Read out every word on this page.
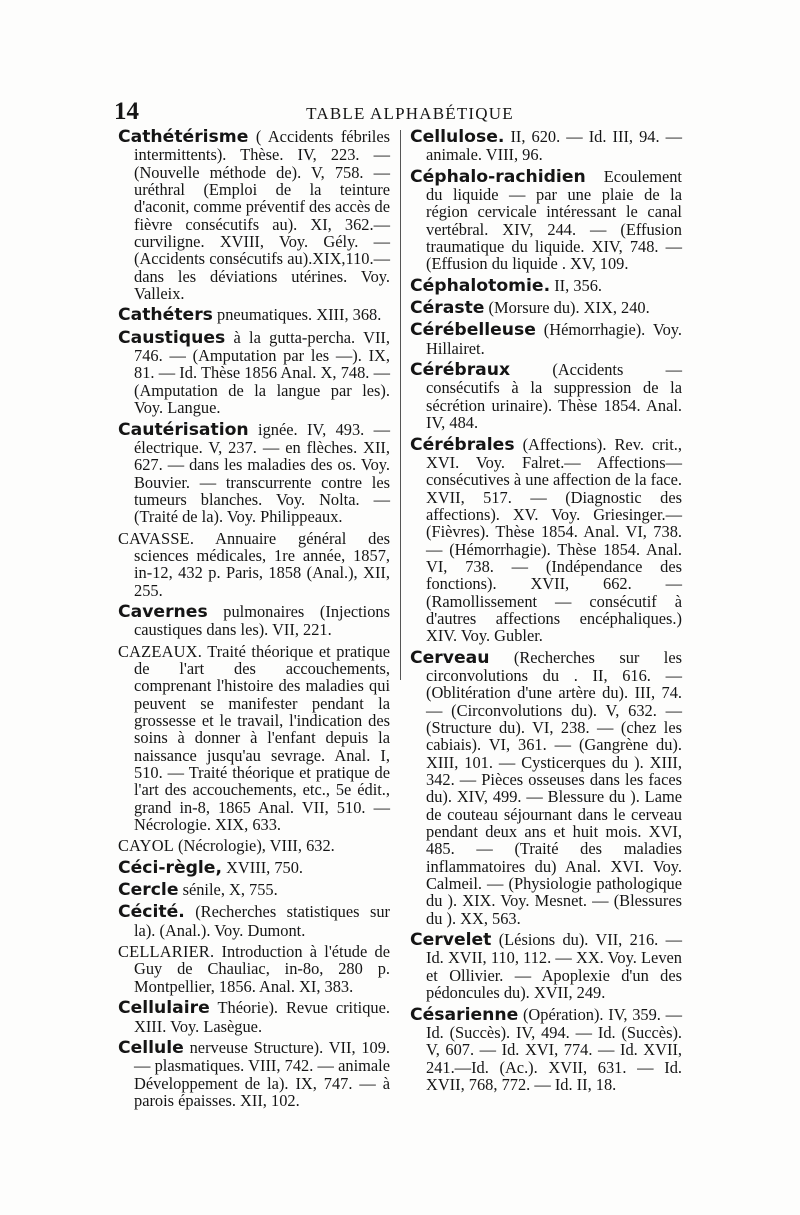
14	TABLE ALPHABÉTIQUE

Cathétérisme ( Accidents fébriles intermittents). Thèse. IV, 223. — (Nouvelle méthode de). V, 758. — uréthral (Emploi de la teinture d'aconit, comme préventif des accès de fièvre consécutifs au). XI, 362.—curviligne. XVIII, Voy. Gély. — (Accidents consécutifs au).XIX,110.—dans les déviations utérines. Voy. Valleix.

Cathéters pneumatiques. XIII, 368.

Caustiques à la gutta-percha. VII, 746. — (Amputation par les —). IX, 81. — Id. Thèse 1856 Anal. X, 748. — (Amputation de la langue par les). Voy. Langue.

Cautérisation ignée. IV, 493. — électrique. V, 237. — en flèches. XII, 627. — dans les maladies des os. Voy. Bouvier. — transcurrente contre les tumeurs blanches. Voy. Nolta. — (Traité de la). Voy. Philippeaux.

CAVASSE. Annuaire général des sciences médicales, 1re année, 1857, in-12, 432 p. Paris, 1858 (Anal.), XII, 255.

Cavernes pulmonaires (Injections caustiques dans les). VII, 221.

CAZEAUX. Traité théorique et pratique de l'art des accouchements, comprenant l'histoire des maladies qui peuvent se manifester pendant la grossesse et le travail, l'indication des soins à donner à l'enfant depuis la naissance jusqu'au sevrage. Anal. I, 510. — Traité théorique et pratique de l'art des accouchements, etc., 5e édit., grand in-8, 1865 Anal. VII, 510. — Nécrologie. XIX, 633.

CAYOL (Nécrologie), VIII, 632.

Céci-règle, XVIII, 750.

Cercle sénile, X, 755.

Cécité. (Recherches statistiques sur la). (Anal.). Voy. Dumont.

CELLARIER. Introduction à l'étude de Guy de Chauliac, in-8o, 280 p. Montpellier, 1856. Anal. XI, 383.

Cellulaire Théorie). Revue critique. XIII. Voy. Lasègue.

Cellule nerveuse Structure). VII, 109. — plasmatiques. VIII, 742. — animale Développement de la). IX, 747. — à parois épaisses. XII, 102.

Cellulose. II, 620. — Id. III, 94. — animale. VIII, 96.

Céphalo-rachidien Ecoulement du liquide — par une plaie de la région cervicale intéressant le canal vertébral. XIV, 244. — (Effusion traumatique du liquide. XIV, 748. — (Effusion du liquide . XV, 109.

Céphalotomie. II, 356.

Céraste (Morsure du). XIX, 240.

Cérébelleuse (Hémorrhagie). Voy. Hillairet.

Cérébraux (Accidents — consécutifs à la suppression de la sécrétion urinaire). Thèse 1854. Anal. IV, 484.

Cérébrales (Affections). Rev. crit., XVI. Voy. Falret.— Affections—consécutives à une affection de la face. XVII, 517. — (Diagnostic des affections). XV. Voy. Griesinger.—(Fièvres). Thèse 1854. Anal. VI, 738. — (Hémorrhagie). Thèse 1854. Anal. VI, 738. — (Indépendance des fonctions). XVII, 662. — (Ramollissement — consécutif à d'autres affections encéphaliques.) XIV. Voy. Gubler.

Cerveau (Recherches sur les circonvolutions du . II, 616. — (Oblitération d'une artère du). III, 74. — (Circonvolutions du). V, 632. — (Structure du). VI, 238. — (chez les cabiais). VI, 361. — (Gangrène du). XIII, 101. — Cysticerques du ). XIII, 342. — Pièces osseuses dans les faces du). XIV, 499. — Blessure du ). Lame de couteau séjournant dans le cerveau pendant deux ans et huit mois. XVI, 485. — (Traité des maladies inflammatoires du) Anal. XVI. Voy. Calmeil. — (Physiologie pathologique du ). XIX. Voy. Mesnet. — (Blessures du ). XX, 563.

Cervelet (Lésions du). VII, 216. — Id. XVII, 110, 112. — XX. Voy. Leven et Ollivier. — Apoplexie d'un des pédoncules du). XVII, 249.

Césarienne (Opération). IV, 359. — Id. (Succès). IV, 494. — Id. (Succès). V, 607. — Id. XVI, 774. — Id. XVII, 241.—Id. (Ac.). XVII, 631. — Id. XVII, 768, 772. — Id. II, 18.
